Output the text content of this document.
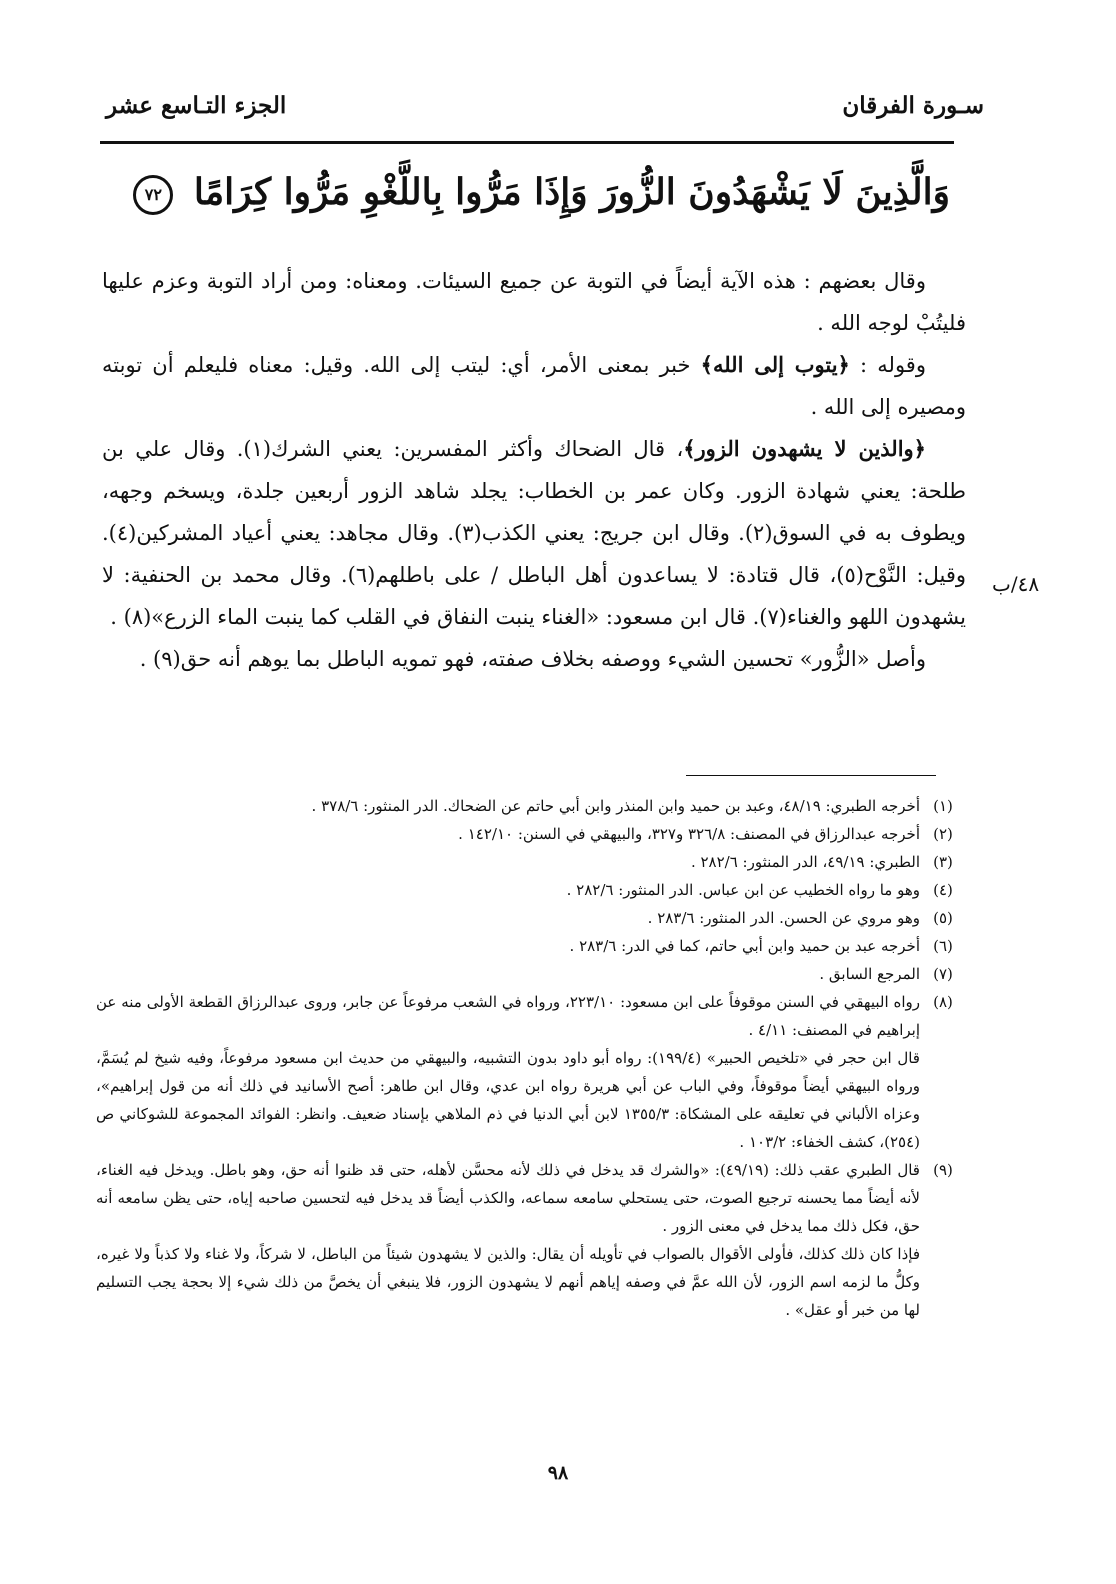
سـورة الفرقان
الجزء التـاسع عشر
وَالَّذِينَ لَا يَشْهَدُونَ الزُّورَ وَإِذَا مَرُّوا بِاللَّغْوِ مَرُّوا كِرَامًا ٧٢
٤٨/ب

وقال بعضهم : هذه الآية أيضاً في التوبة عن جميع السيئات. ومعناه: ومن أراد التوبة وعزم عليها فليتُبْ لوجه الله .

وقوله : ﴿يتوب إلى الله﴾ خبر بمعنى الأمر، أي: ليتب إلى الله. وقيل: معناه فليعلم أن توبته ومصيره إلى الله .

﴿والذين لا يشهدون الزور﴾، قال الضحاك وأكثر المفسرين: يعني الشرك(١). وقال علي بن طلحة: يعني شهادة الزور. وكان عمر بن الخطاب: يجلد شاهد الزور أربعين جلدة، ويسخم وجهه، ويطوف به في السوق(٢). وقال ابن جريج: يعني الكذب(٣). وقال مجاهد: يعني أعياد المشركين(٤). وقيل: النَّوْح(٥)، قال قتادة: لا يساعدون أهل الباطل / على باطلهم(٦). وقال محمد بن الحنفية: لا يشهدون اللهو والغناء(٧). قال ابن مسعود: «الغناء ينبت النفاق في القلب كما ينبت الماء الزرع»(٨) .

وأصل «الزُّور» تحسين الشيء ووصفه بخلاف صفته، فهو تمويه الباطل بما يوهم أنه حق(٩) .

(١)
أخرجه الطبري: ٤٨/١٩، وعبد بن حميد وابن المنذر وابن أبي حاتم عن الضحاك. الدر المنثور: ٣٧٨/٦ .
(٢)
أخرجه عبدالرزاق في المصنف: ٣٢٦/٨ و٣٢٧، والبيهقي في السنن: ١٤٢/١٠ .
(٣)
الطبري: ٤٩/١٩، الدر المنثور: ٢٨٢/٦ .
(٤)
وهو ما رواه الخطيب عن ابن عباس. الدر المنثور: ٢٨٢/٦ .
(٥)
وهو مروي عن الحسن. الدر المنثور: ٢٨٣/٦ .
(٦)
أخرجه عبد بن حميد وابن أبي حاتم، كما في الدر: ٢٨٣/٦ .
(٧)
المرجع السابق .
(٨)
رواه البيهقي في السنن موقوفاً على ابن مسعود: ٢٢٣/١٠، ورواه في الشعب مرفوعاً عن جابر، وروى عبدالرزاق القطعة الأولى منه عن إبراهيم في المصنف: ٤/١١ .
قال ابن حجر في «تلخيص الحبير» (١٩٩/٤): رواه أبو داود بدون التشبيه، والبيهقي من حديث ابن مسعود مرفوعاً، وفيه شيخ لم يُسَمَّ، ورواه البيهقي أيضاً موقوفاً، وفي الباب عن أبي هريرة رواه ابن عدي، وقال ابن طاهر: أصح الأسانيد في ذلك أنه من قول إبراهيم»، وعزاه الألباني في تعليقه على المشكاة: ١٣٥٥/٣ لابن أبي الدنيا في ذم الملاهي بإسناد ضعيف. وانظر: الفوائد المجموعة للشوكاني ص (٢٥٤)، كشف الخفاء: ١٠٣/٢ .
(٩)
قال الطبري عقب ذلك: (٤٩/١٩): «والشرك قد يدخل في ذلك لأنه محسَّن لأهله، حتى قد ظنوا أنه حق، وهو باطل. ويدخل فيه الغناء، لأنه أيضاً مما يحسنه ترجيع الصوت، حتى يستحلي سامعه سماعه، والكذب أيضاً قد يدخل فيه لتحسين صاحبه إياه، حتى يظن سامعه أنه حق، فكل ذلك مما يدخل في معنى الزور .
فإذا كان ذلك كذلك، فأولى الأقوال بالصواب في تأويله أن يقال: والذين لا يشهدون شيئاً من الباطل، لا شركاً، ولا غناء ولا كذباً ولا غيره، وكلُّ ما لزمه اسم الزور، لأن الله عمَّ في وصفه إياهم أنهم لا يشهدون الزور، فلا ينبغي أن يخصَّ من ذلك شيء إلا بحجة يجب التسليم لها من خبر أو عقل» .
٩٨
